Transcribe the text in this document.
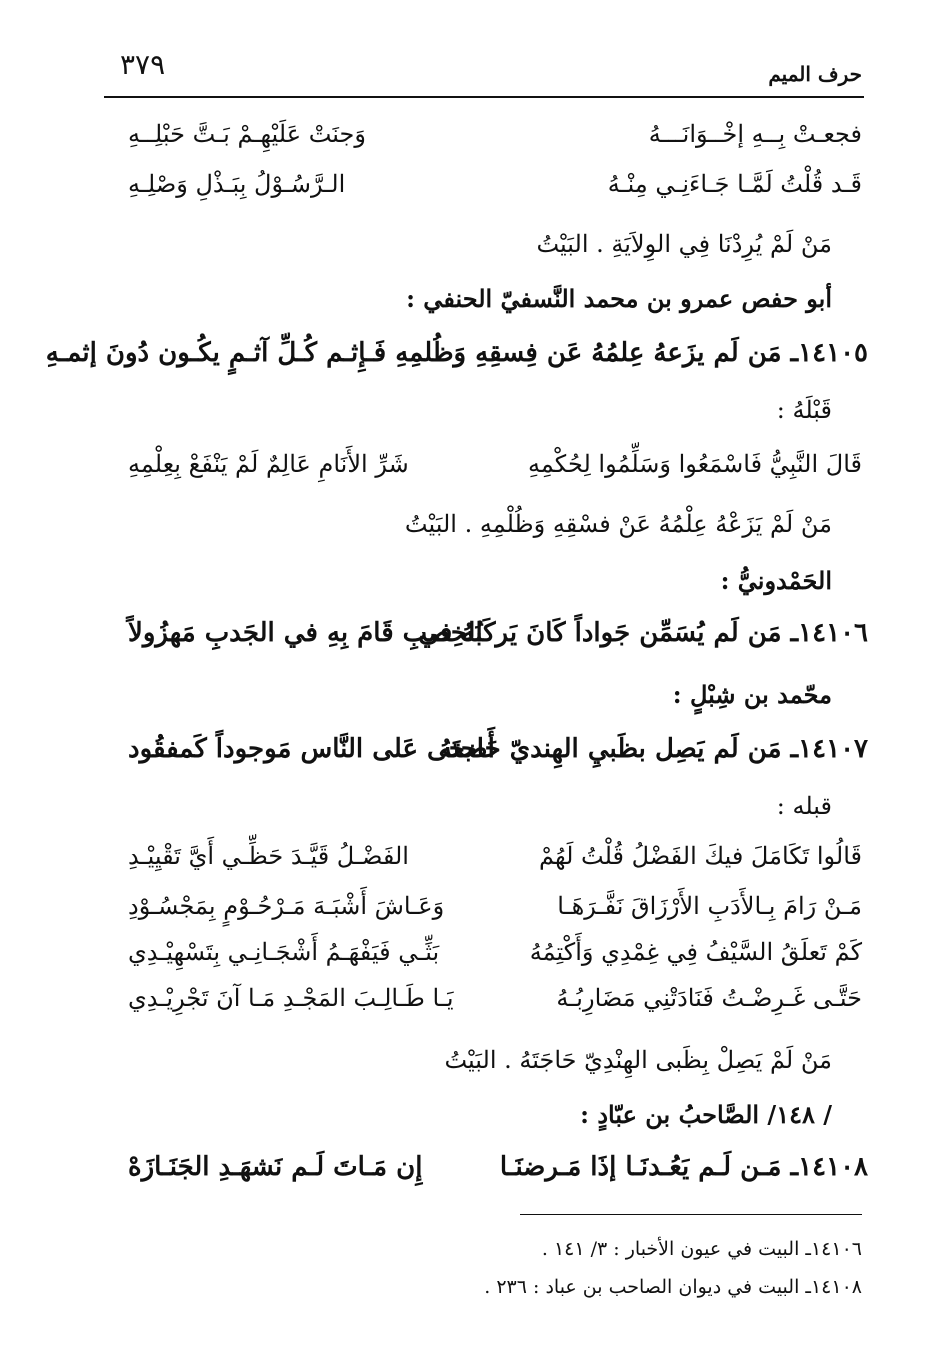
٣٧٩	حرف الميم
فجعـتْ بِــهِ إخْــوَانَـــهُ
وَجنَتْ عَلَيْهِـمْ بَـتَّ حَبْلِــهِ
قَـد قُلْتُ لَمَّـا جَـاءَنِـي مِنْـهُ
الـرَّسُـوْلُ بِبَـذْلِ وَصْلِـهِ
مَنْ لَمْ يُرِدْنَا فِي الوِلاَيَةِ . البَيْتُ
أبو حفص عمرو بن محمد النَّسفيّ الحنفي :
١٤١٠٥ـ مَن لَم يزَعهُ عِلمُهُ عَن فِسقِهِ وَظُلمِهِ فَـإِثـم كُـلِّ آثـمٍ يكُـون دُونَ إثمـهِ
قَبْلَهُ :
قَالَ النَّبِيُّ فَاسْمَعُوا وَسَلِّمُوا لِحُكْمِهِ
شَرِّ الأَنَامِ عَالِمٌ لَمْ يَنْفَعْ بِعِلْمِهِ
مَنْ لَمْ يَزَعْهُ عِلْمُهُ عَنْ فسْقِهِ وَظُلْمِهِ . البَيْتُ
الحَمْدونيُّ :
١٤١٠٦ـ مَن لَم يُسَمِّن جَواداً كَانَ يَركَبُهُ في
الخِصبِ قَامَ بِهِ في الجَدبِ مَهزُولاً
محّمد بن شِبْلٍ :
١٤١٠٧ـ مَن لَم يَصِل بظَبيِ الهِنديّ حَاجتَهُ
أَضحى عَلى النَّاس مَوجوداً كَمفقُود
قبله :
قَالُوا تَكَامَلَ فيكَ الفَضْلُ قُلْتُ لَهُمْ
الفَضْـلُ قَيَّـدَ حَظِّـي أَيَّ تَقْيِيْـدِ
مَـنْ رَامَ بِـالأَدَبِ الأَرْزَاقَ نَفَّـرَهَـا
وَعَـاشَ أَشْبَـهَ مَـرْحُـوْمٍ بِمَجْسُـوْدِ
كَمْ تَعلَقُ السَّيْفُ فِي غِمْدِي وَأَكْتِمُهُ
بَثِّـي فَيَفْهَـمُ أَشْجَـانِـي بِتَسْهِيْـدِي
حَتَّـى غَـرِضْـتُ فَنَادَتْنِي مَضَارِبُـهُ
يَـا طَـالِـبَ المَجْـدِ مَـا آنَ تَجْرِيْـدِي
مَنْ لَمْ يَصِلْ بِظَبى الهِنْدِيّ حَاجَتَهُ . البَيْتُ
/ ١٤٨/ الصَّاحبُ بن عبّادٍ :
١٤١٠٨ـ مَـن لَـم يَعُـدنَـا إذَا مَـرضنَـا
إِن مَـاتَ لَـم نَشهَـدِ الجَنَـازَهْ
١٤١٠٦ـ البيت في عيون الأخبار : ٣/ ١٤١ .
١٤١٠٨ـ البيت في ديوان الصاحب بن عباد : ٢٣٦ .
